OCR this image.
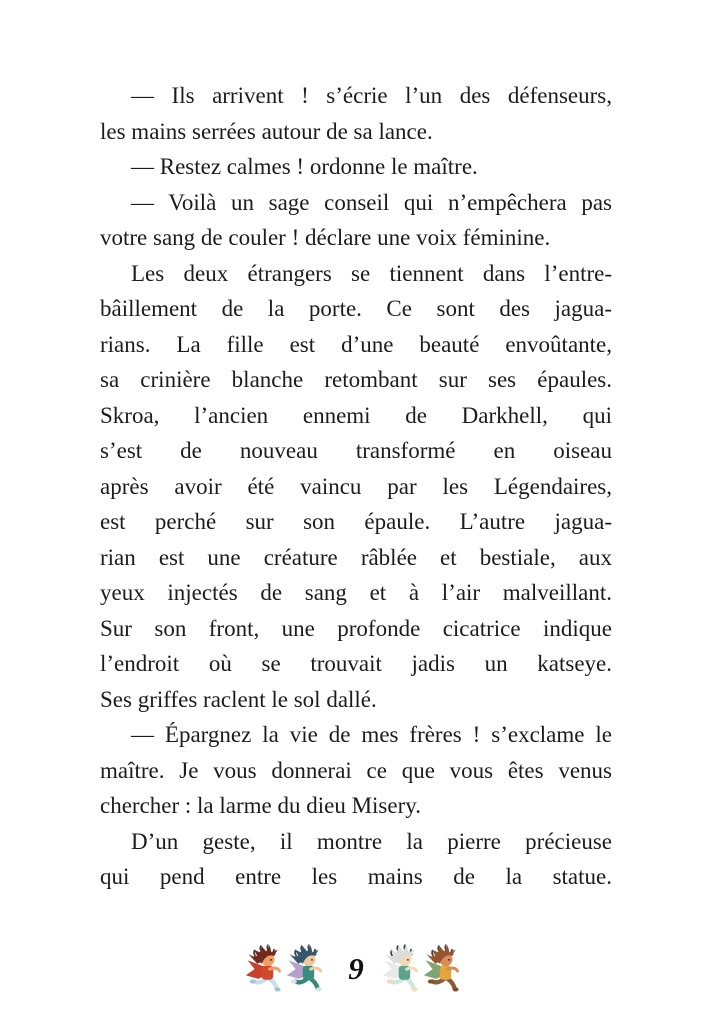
— Ils arrivent ! s’écrie l’un des défenseurs,
les mains serrées autour de sa lance.
— Restez calmes ! ordonne le maître.
— Voilà un sage conseil qui n’empêchera pas
votre sang de couler ! déclare une voix féminine.
Les deux étrangers se tiennent dans l’entre-
bâillement de la porte. Ce sont des jagua-
rians. La fille est d’une beauté envoûtante,
sa crinière blanche retombant sur ses épaules.
Skroa, l’ancien ennemi de Darkhell, qui
s’est de nouveau transformé en oiseau
après avoir été vaincu par les Légendaires,
est perché sur son épaule. L’autre jagua-
rian est une créature râblée et bestiale, aux
yeux injectés de sang et à l’air malveillant.
Sur son front, une profonde cicatrice indique
l’endroit où se trouvait jadis un katseye.
Ses griffes raclent le sol dallé.
— Épargnez la vie de mes frères ! s’exclame le
maître. Je vous donnerai ce que vous êtes venus
chercher : la larme du dieu Misery.
D’un geste, il montre la pierre précieuse
qui pend entre les mains de la statue.
9
